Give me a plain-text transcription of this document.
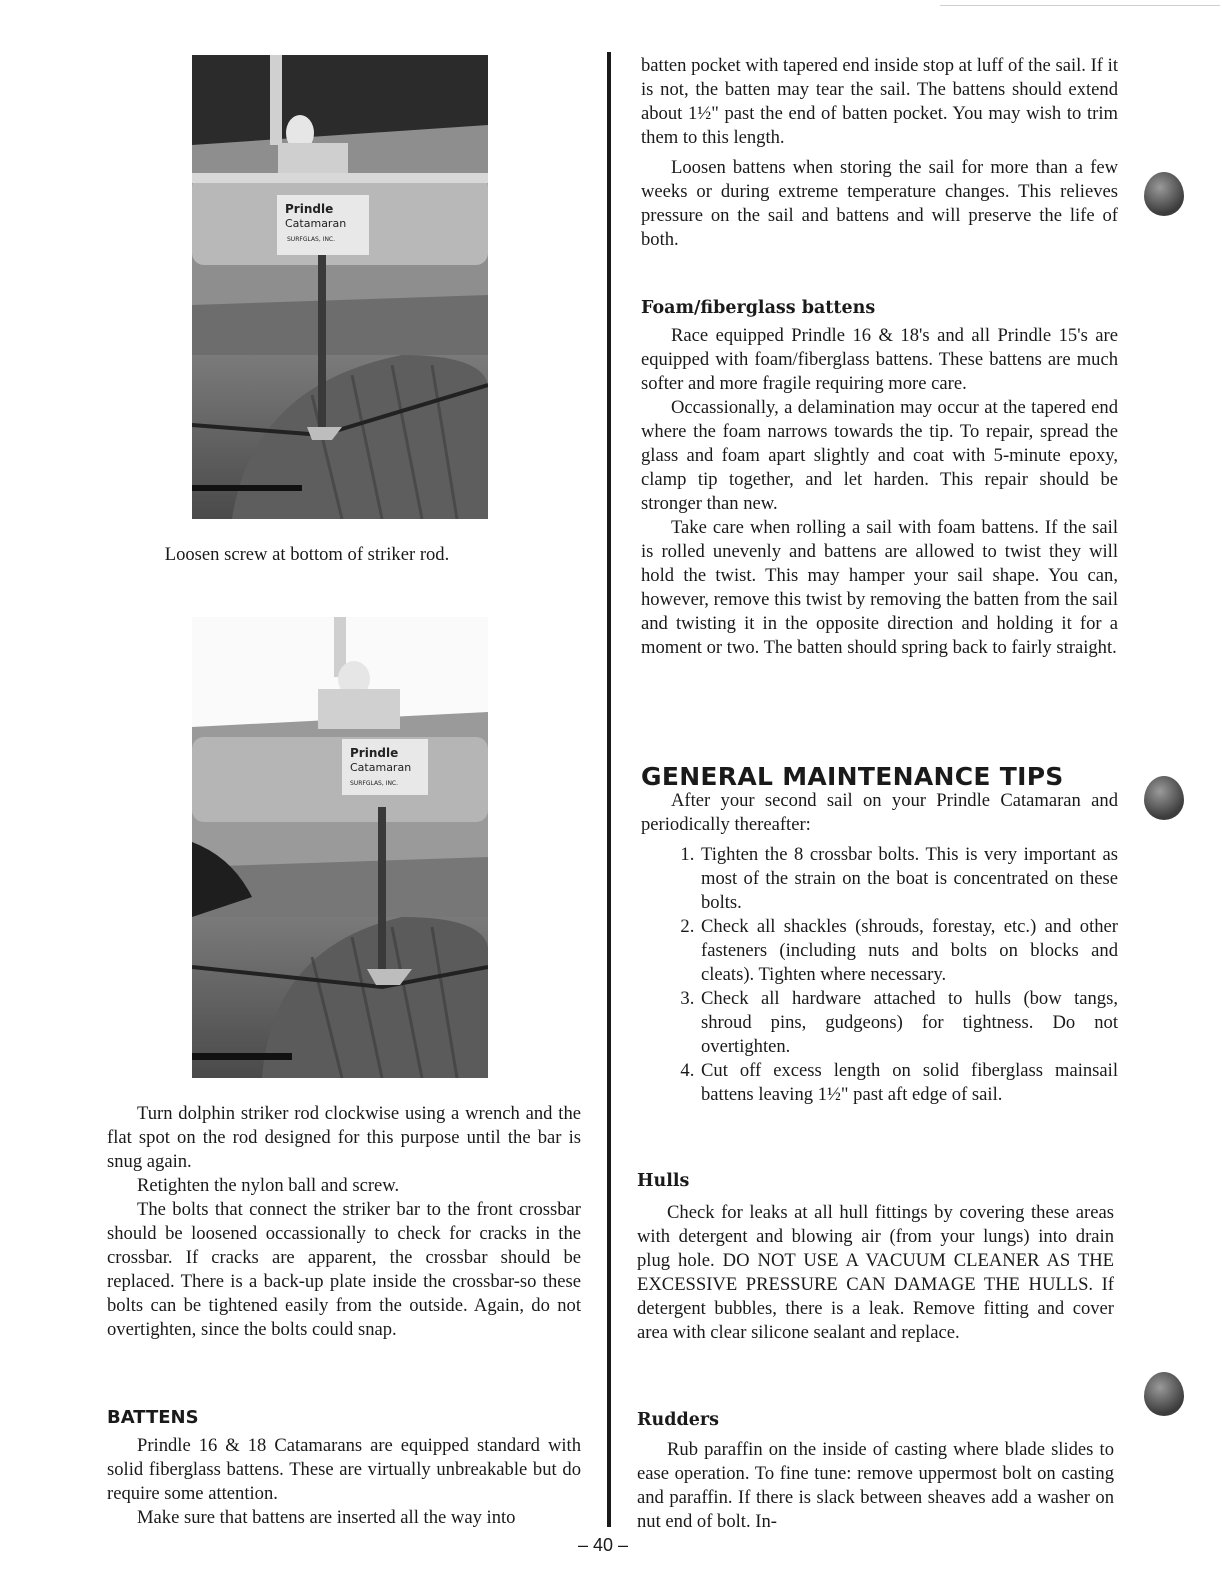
Prindle
Catamaran
SURFGLAS, INC.
Loosen screw at bottom of striker rod.
Prindle
Catamaran
SURFGLAS, INC.

Turn dolphin striker rod clockwise using a wrench and the flat spot on the rod designed for this purpose until the bar is snug again.

Retighten the nylon ball and screw.

The bolts that connect the striker bar to the front crossbar should be loosened occassionally to check for cracks in the crossbar. If cracks are apparent, the crossbar should be replaced. There is a back-up plate inside the crossbar-so these bolts can be tightened easily from the outside. Again, do not overtighten, since the bolts could snap.

BATTENS

Prindle 16 & 18 Catamarans are equipped standard with solid fiberglass battens. These are virtually unbreakable but do require some attention.

Make sure that battens are inserted all the way into

batten pocket with tapered end inside stop at luff of the sail. If it is not, the batten may tear the sail. The battens should extend about 1½" past the end of batten pocket. You may wish to trim them to this length.

Loosen battens when storing the sail for more than a few weeks or during extreme temperature changes. This relieves pressure on the sail and battens and will preserve the life of both.

Foam/fiberglass battens

Race equipped Prindle 16 & 18's and all Prindle 15's are equipped with foam/fiberglass battens. These battens are much softer and more fragile requiring more care.

Occassionally, a delamination may occur at the tapered end where the foam narrows towards the tip. To repair, spread the glass and foam apart slightly and coat with 5-minute epoxy, clamp tip together, and let harden. This repair should be stronger than new.

Take care when rolling a sail with foam battens. If the sail is rolled unevenly and battens are allowed to twist they will hold the twist. This may hamper your sail shape. You can, however, remove this twist by removing the batten from the sail and twisting it in the opposite direction and holding it for a moment or two. The batten should spring back to fairly straight.

GENERAL MAINTENANCE TIPS

After your second sail on your Prindle Catamaran and periodically thereafter:

1. Tighten the 8 crossbar bolts. This is very important as most of the strain on the boat is concentrated on these bolts.
2. Check all shackles (shrouds, forestay, etc.) and other fasteners (including nuts and bolts on blocks and cleats). Tighten where necessary.
3. Check all hardware attached to hulls (bow tangs, shroud pins, gudgeons) for tightness. Do not overtighten.
4. Cut off excess length on solid fiberglass mainsail battens leaving 1½" past aft edge of sail.
Hulls

Check for leaks at all hull fittings by covering these areas with detergent and blowing air (from your lungs) into drain plug hole. DO NOT USE A VACUUM CLEANER AS THE EXCESSIVE PRESSURE CAN DAMAGE THE HULLS. If detergent bubbles, there is a leak. Remove fitting and cover area with clear silicone sealant and replace.

Rudders

Rub paraffin on the inside of casting where blade slides to ease operation. To fine tune: remove uppermost bolt on casting and paraffin. If there is slack between sheaves add a washer on nut end of bolt. In-

– 40 –
